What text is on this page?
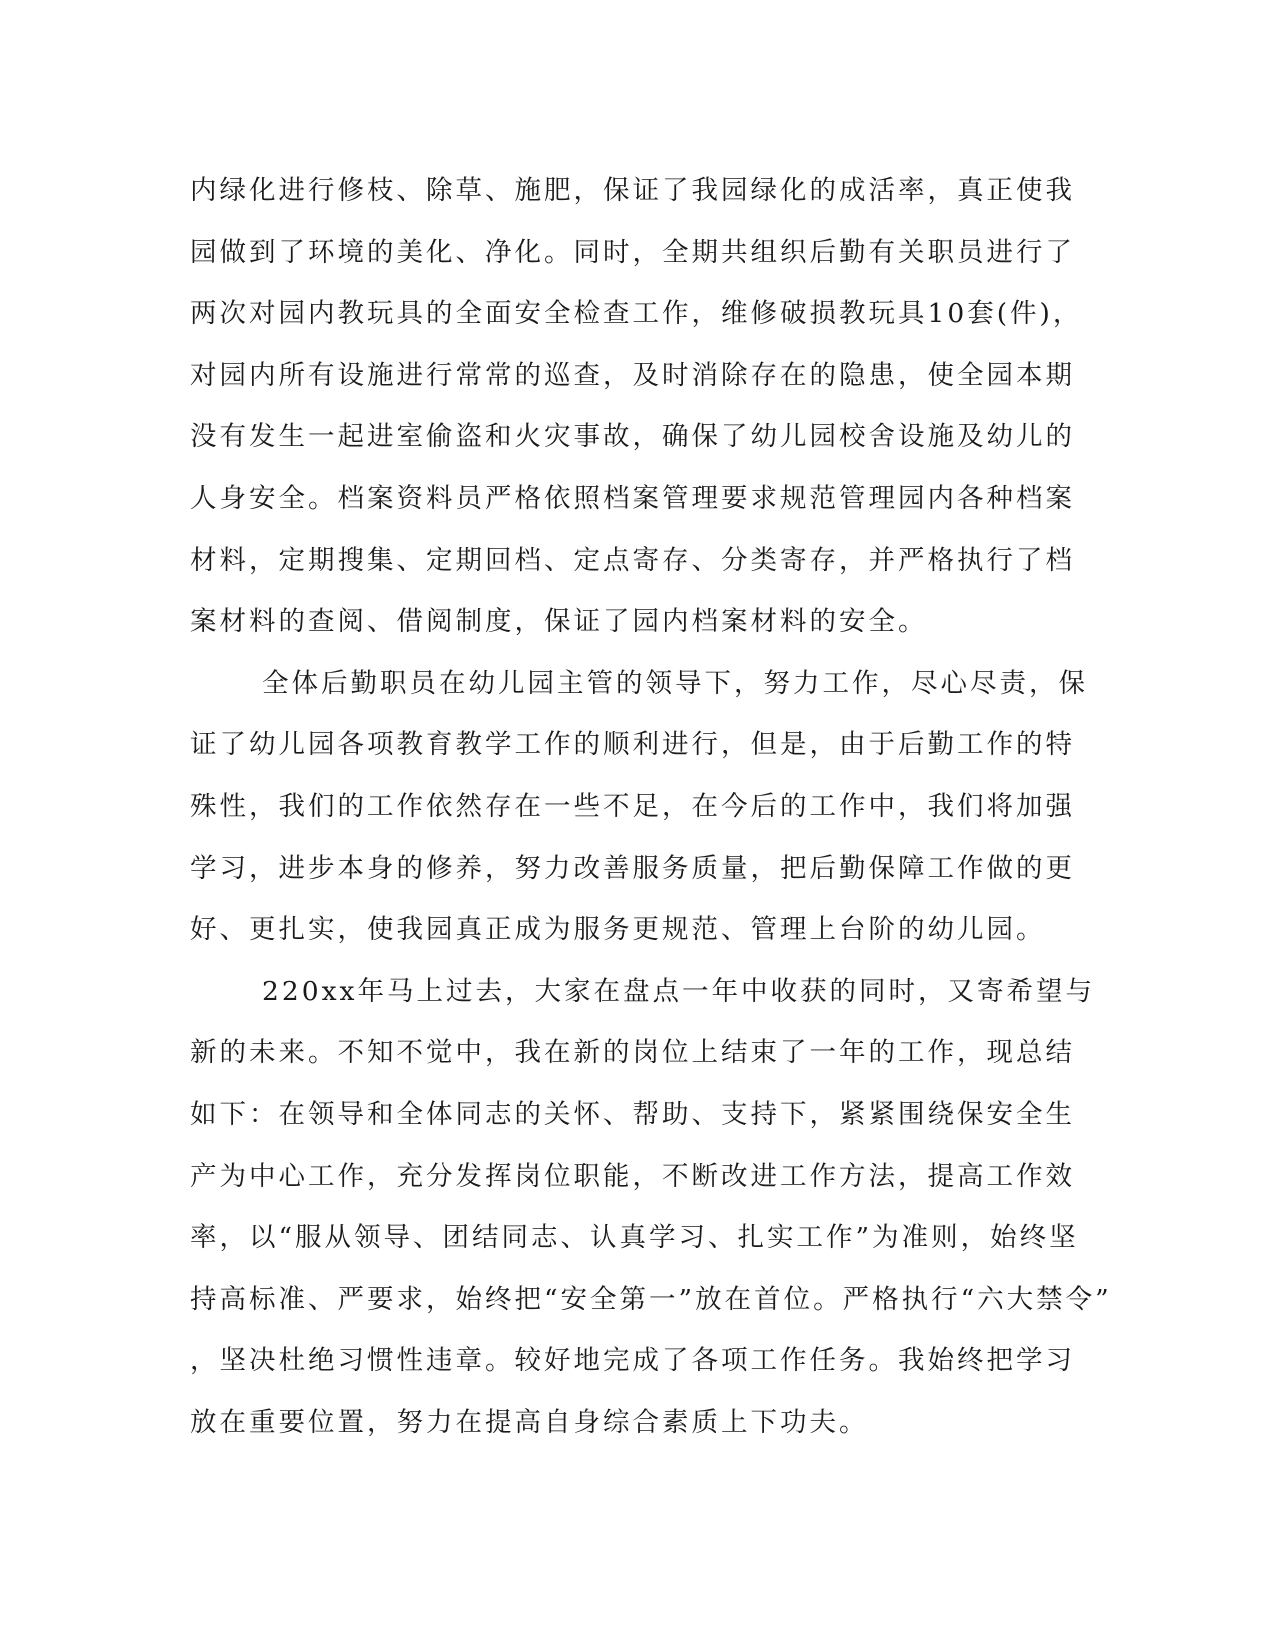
内绿化进行修枝、除草、施肥，保证了我园绿化的成活率，真正使我
园做到了环境的美化、净化。同时，全期共组织后勤有关职员进行了
两次对园内教玩具的全面安全检查工作，维修破损教玩具10套(件)，
对园内所有设施进行常常的巡查，及时消除存在的隐患，使全园本期
没有发生一起进室偷盗和火灾事故，确保了幼儿园校舍设施及幼儿的
人身安全。档案资料员严格依照档案管理要求规范管理园内各种档案
材料，定期搜集、定期回档、定点寄存、分类寄存，并严格执行了档
案材料的查阅、借阅制度，保证了园内档案材料的安全。
全体后勤职员在幼儿园主管的领导下，努力工作，尽心尽责，保
证了幼儿园各项教育教学工作的顺利进行，但是，由于后勤工作的特
殊性，我们的工作依然存在一些不足，在今后的工作中，我们将加强
学习，进步本身的修养，努力改善服务质量，把后勤保障工作做的更
好、更扎实，使我园真正成为服务更规范、管理上台阶的幼儿园。
220xx年马上过去，大家在盘点一年中收获的同时，又寄希望与
新的未来。不知不觉中，我在新的岗位上结束了一年的工作，现总结
如下：在领导和全体同志的关怀、帮助、支持下，紧紧围绕保安全生
产为中心工作，充分发挥岗位职能，不断改进工作方法，提高工作效
率，以“服从领导、团结同志、认真学习、扎实工作”为准则，始终坚
持高标准、严要求，始终把“安全第一”放在首位。严格执行“六大禁令”
，坚决杜绝习惯性违章。较好地完成了各项工作任务。我始终把学习
放在重要位置，努力在提高自身综合素质上下功夫。
